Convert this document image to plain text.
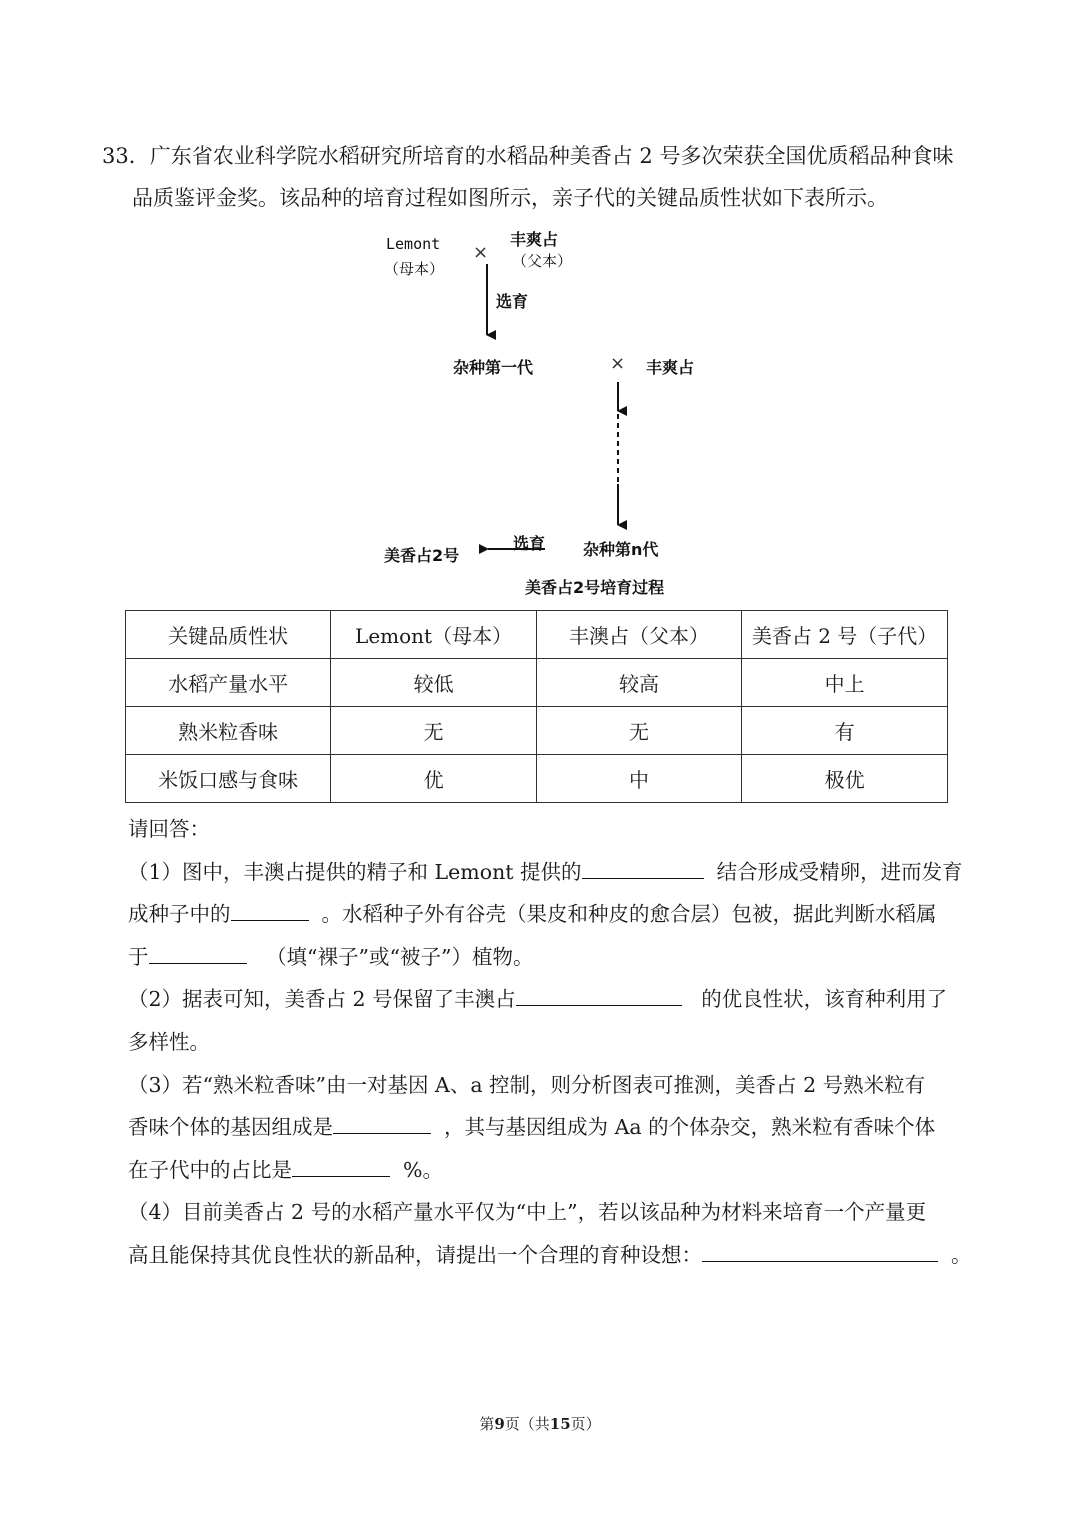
33．广东省农业科学院水稻研究所培育的水稻品种美香占 2 号多次荣获全国优质稻品种食味
品质鉴评金奖。该品种的培育过程如图所示，亲子代的关键品质性状如下表所示。
Lemont
（母本）
×
丰爽占
（父本）
选育
杂种第一代	× 丰爽占
选育
美香占2号	杂种第n代
美香占2号培育过程
关键品质性状	Lemont（母本）	丰澳占（父本）	美香占 2 号（子代）
水稻产量水平	较低	较高	中上
熟米粒香味	无	无	有
米饭口感与食味	优	中	极优
请回答：
（1）图中，丰澳占提供的精子和 Lemont 提供的	结合形成受精卵，进而发育
成种子中的	。水稻种子外有谷壳（果皮和种皮的愈合层）包被，据此判断水稻属
于	（填“裸子”或“被子”）植物。
（2）据表可知，美香占 2 号保留了丰澳占	的优良性状，该育种利用了
多样性。
（3）若“熟米粒香味”由一对基因 A、a 控制，则分析图表可推测，美香占 2 号熟米粒有
香味个体的基因组成是	，其与基因组成为 Aa 的个体杂交，熟米粒有香味个体
在子代中的占比是	%。
（4）目前美香占 2 号的水稻产量水平仅为“中上”，若以该品种为材料来培育一个产量更
高且能保持其优良性状的新品种，请提出一个合理的育种设想：	。
第9页（共15页）
